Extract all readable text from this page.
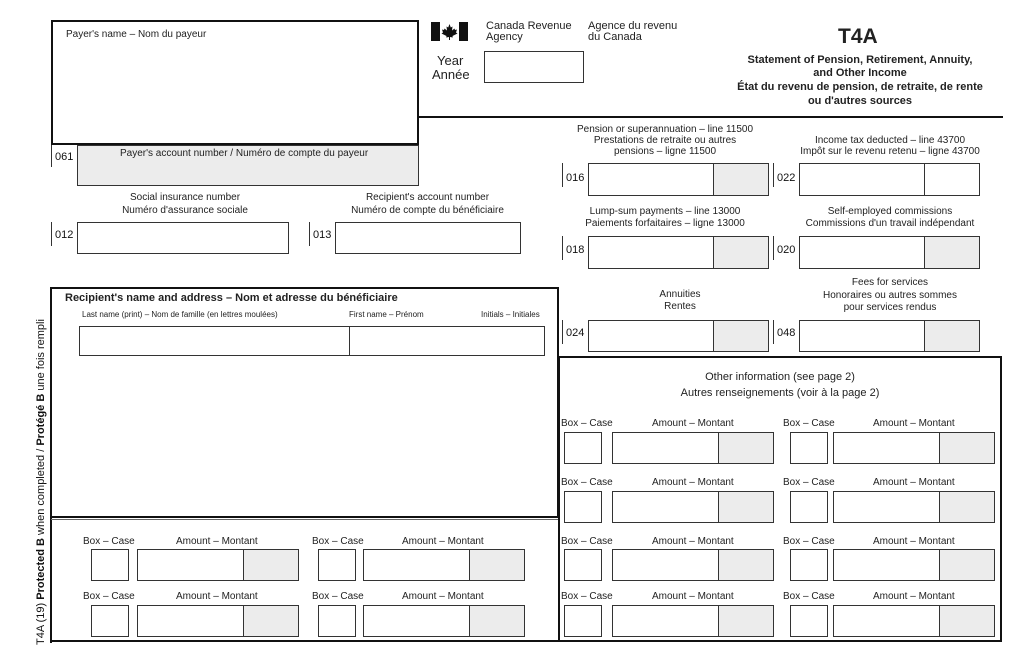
Payer's name – Nom du payeur
061	Payer's account number / Numéro de compte du payeur
Canada Revenue
Agency
Agence du revenu
du Canada
Year
Année
T4A
Statement of Pension, Retirement, Annuity,
and Other Income
État du revenu de pension, de retraite, de rente
ou d'autres sources
Social insurance number
Numéro d'assurance sociale
012
Recipient's account number
Numéro de compte du bénéficiaire
013
Pension or superannuation – line 11500
Prestations de retraite ou autres
pensions – ligne 11500
016
Income tax deducted – line 43700
Impôt sur le revenu retenu – ligne 43700
022
Lump-sum payments – line 13000
Paiements forfaitaires – ligne 13000
018
Self-employed commissions
Commissions d'un travail indépendant
020
Annuities
Rentes
024
Fees for services
Honoraires ou autres sommes
pour services rendus
048
Recipient's name and address – Nom et adresse du bénéficiaire
Last name (print) – Nom de famille (en lettres moulées)	First name – Prénom	Initials – Initiales
Other information (see page 2)
Autres renseignements (voir à la page 2)
Box – Case	Amount – Montant	Box – Case	Amount – Montant
Box – Case	Amount – Montant	Box – Case	Amount – Montant
Box – Case	Amount – Montant	Box – Case	Amount – Montant	Box – Case	Amount – Montant	Box – Case	Amount – Montant
Box – Case	Amount – Montant	Box – Case	Amount – Montant	Box – Case	Amount – Montant	Box – Case	Amount – Montant
T4A (19) Protected B when completed / Protégé B une fois rempli
